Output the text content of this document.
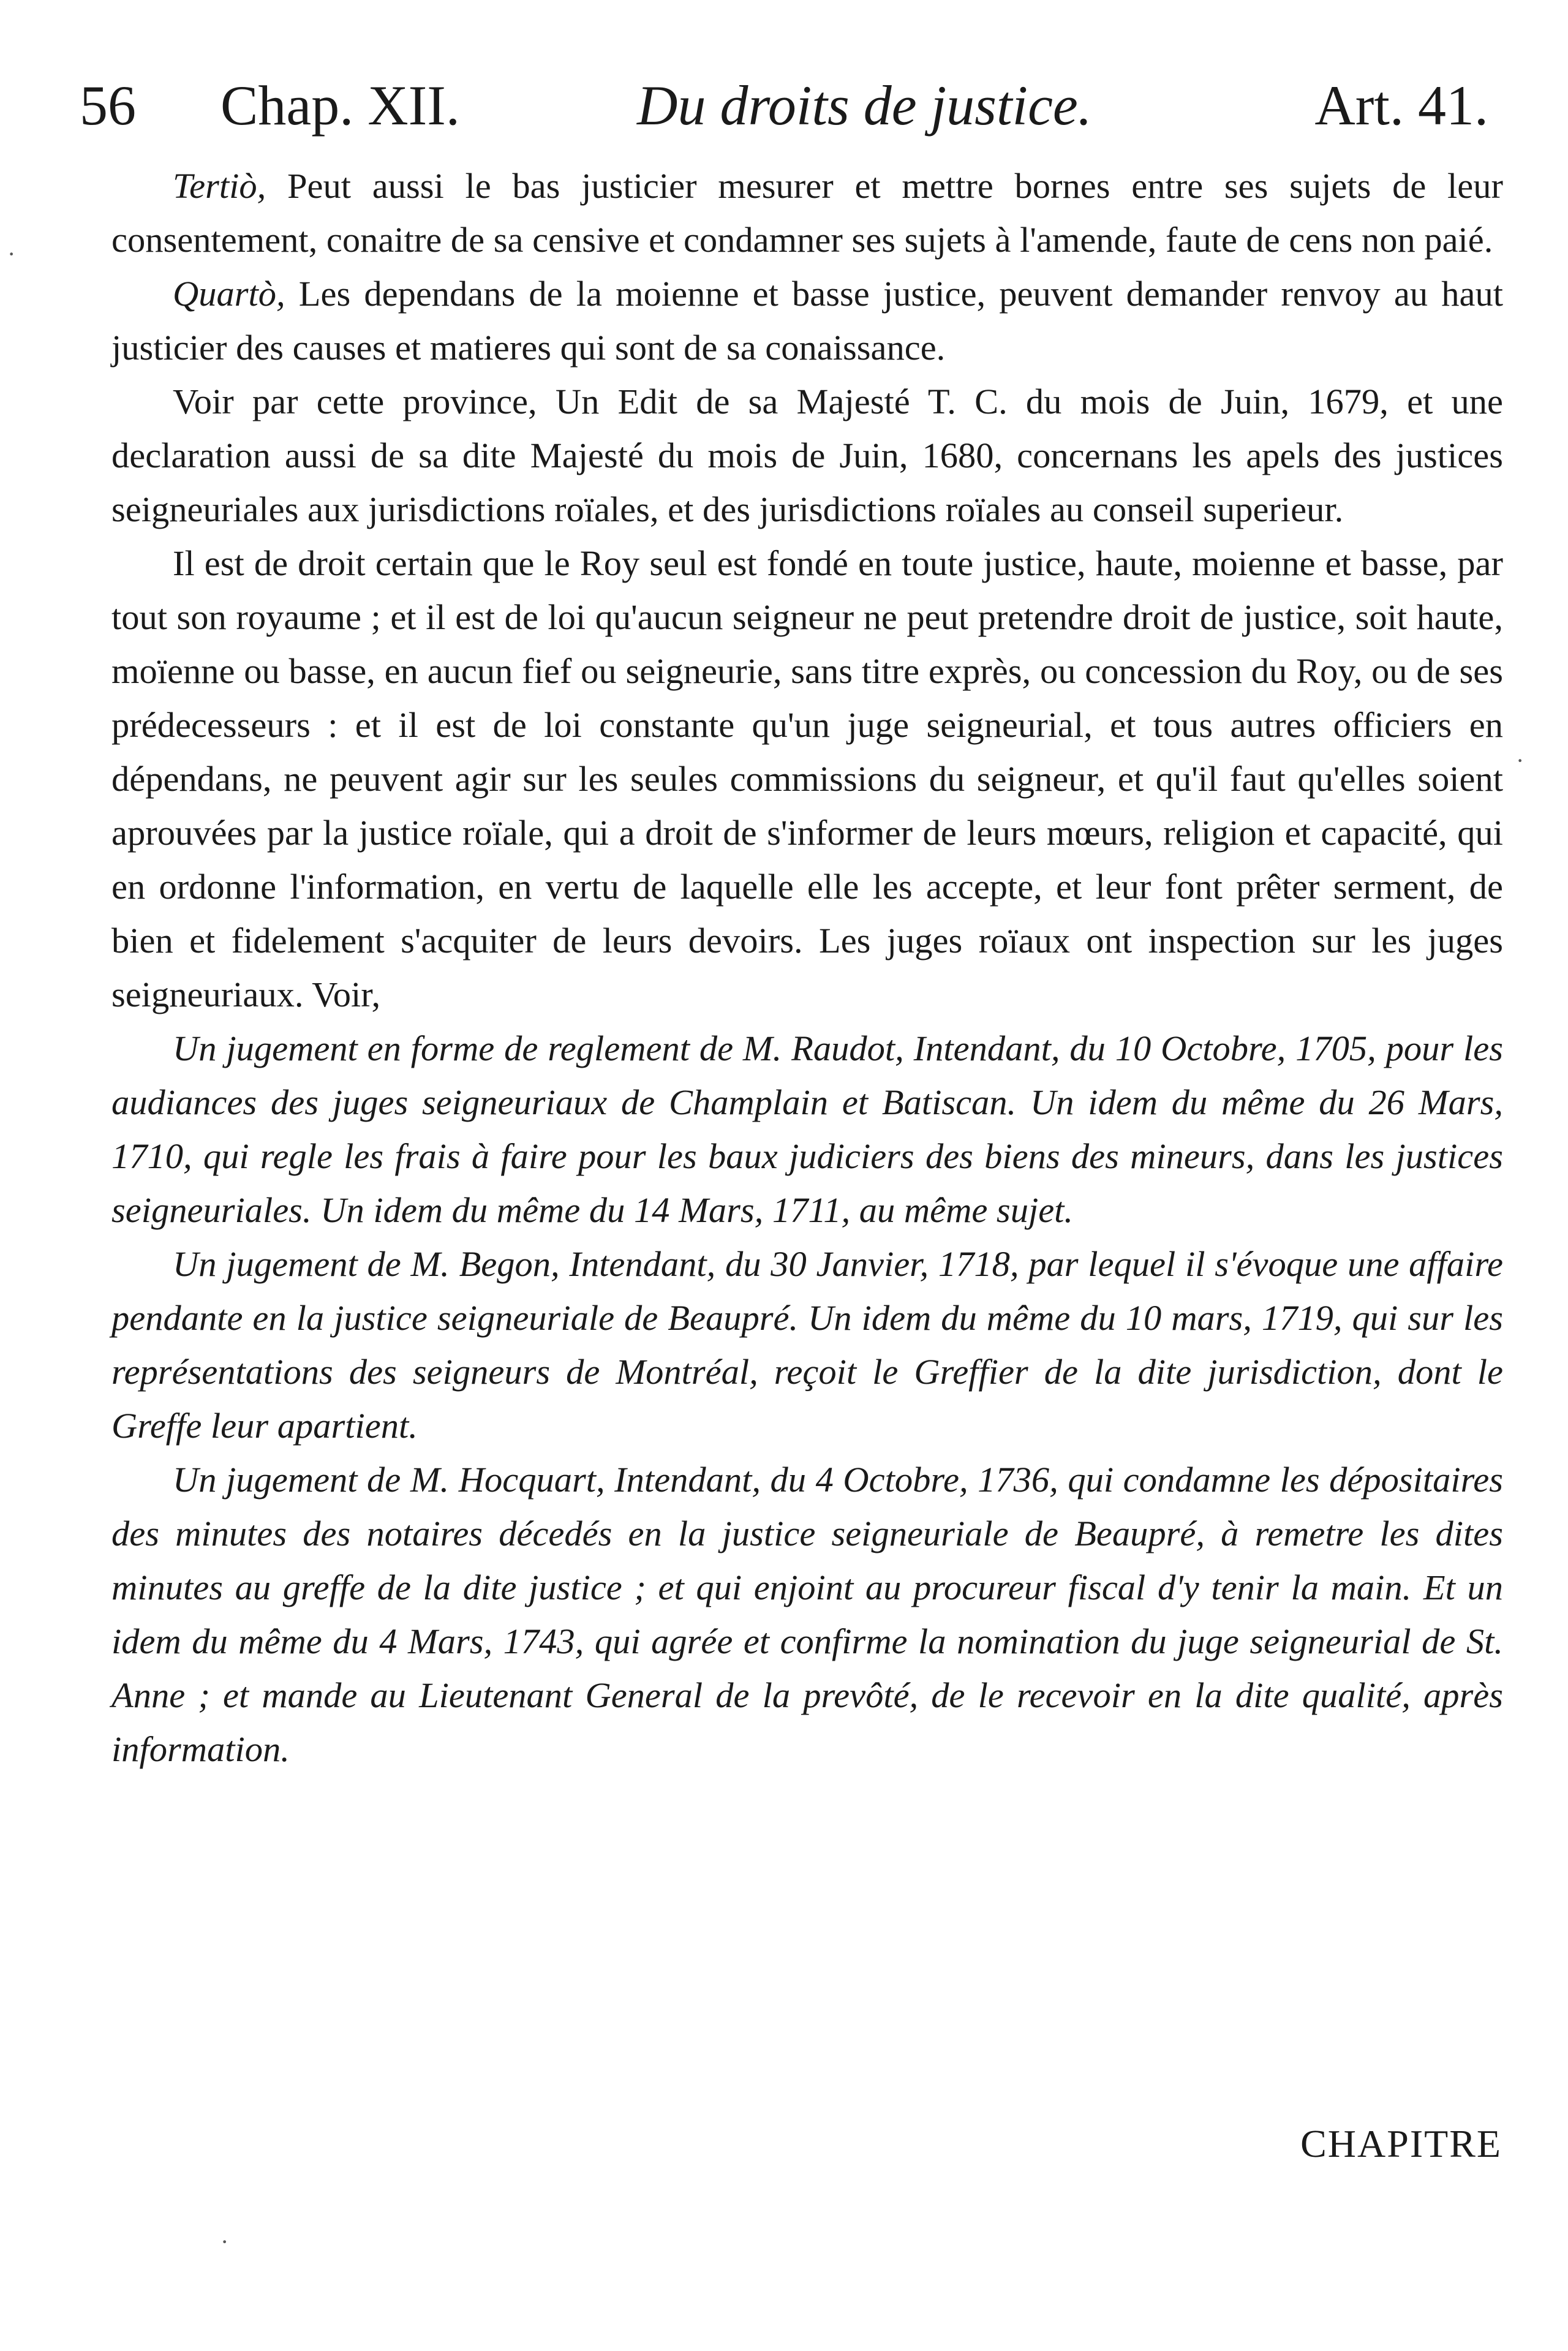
56 Chap. XII.	Du droits de justice.	Art. 41.

Tertiò, Peut aussi le bas justicier mesurer et mettre bornes entre ses sujets de leur consentement, conaitre de sa censive et condamner ses sujets à l'amende, faute de cens non paié.

Quartò, Les dependans de la moienne et basse justice, peuvent demander renvoy au haut justicier des causes et matieres qui sont de sa conaissance.

Voir par cette province, Un Edit de sa Majesté T. C. du mois de Juin, 1679, et une declaration aussi de sa dite Majesté du mois de Juin, 1680, concernans les apels des justices seigneuriales aux jurisdictions roïales, et des jurisdictions roïales au conseil superieur.

Il est de droit certain que le Roy seul est fondé en toute justice, haute, moienne et basse, par tout son royaume ; et il est de loi qu'aucun seigneur ne peut pretendre droit de justice, soit haute, moïenne ou basse, en aucun fief ou seigneurie, sans titre exprès, ou concession du Roy, ou de ses prédecesseurs : et il est de loi constante qu'un juge seigneurial, et tous autres officiers en dépendans, ne peuvent agir sur les seules commissions du seigneur, et qu'il faut qu'elles soient aprouvées par la justice roïale, qui a droit de s'informer de leurs mœurs, religion et capacité, qui en ordonne l'information, en vertu de laquelle elle les accepte, et leur font prêter serment, de bien et fidelement s'acquiter de leurs devoirs. Les juges roïaux ont inspection sur les juges seigneuriaux. Voir,

Un jugement en forme de reglement de M. Raudot, Intendant, du 10 Octobre, 1705, pour les audiances des juges seigneuriaux de Champlain et Batiscan. Un idem du même du 26 Mars, 1710, qui regle les frais à faire pour les baux judiciers des biens des mineurs, dans les justices seigneuriales. Un idem du même du 14 Mars, 1711, au même sujet.

Un jugement de M. Begon, Intendant, du 30 Janvier, 1718, par lequel il s'évoque une affaire pendante en la justice seigneuriale de Beaupré. Un idem du même du 10 mars, 1719, qui sur les représentations des seigneurs de Montréal, reçoit le Greffier de la dite jurisdiction, dont le Greffe leur apartient.

Un jugement de M. Hocquart, Intendant, du 4 Octobre, 1736, qui condamne les dépositaires des minutes des notaires décedés en la justice seigneuriale de Beaupré, à remetre les dites minutes au greffe de la dite justice ; et qui enjoint au procureur fiscal d'y tenir la main. Et un idem du même du 4 Mars, 1743, qui agrée et confirme la nomination du juge seigneurial de St. Anne ; et mande au Lieutenant General de la prevôté, de le recevoir en la dite qualité, après information.

CHAPITRE
·
·
·
